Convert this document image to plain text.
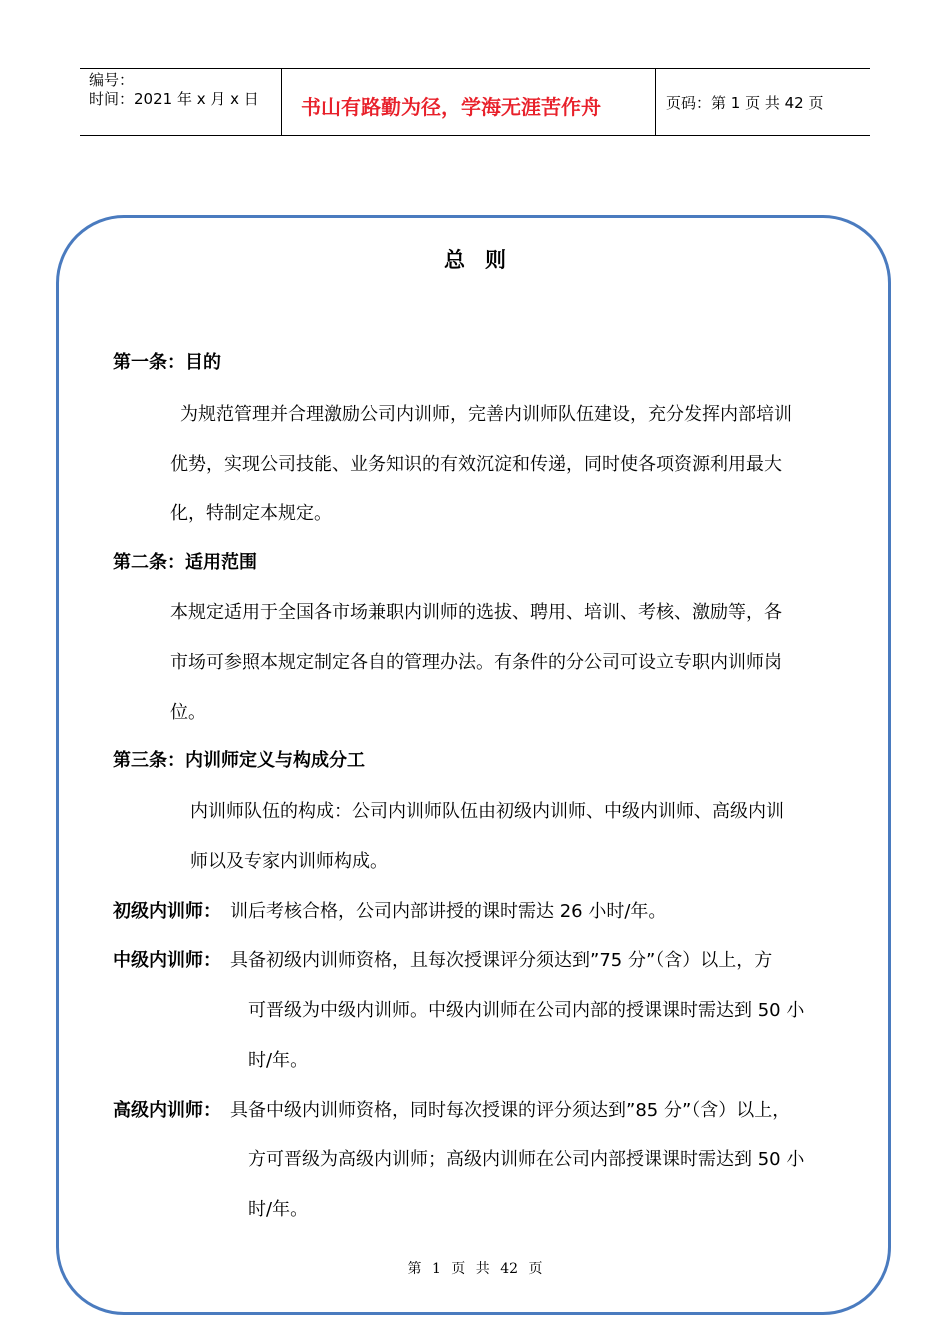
编号：
时间：2021 年 x 月 x 日	书山有路勤为径，学海无涯苦作舟	页码：第 1 页 共 42 页
总则
第一条：目的
为规范管理并合理激励公司内训师，完善内训师队伍建设，充分发挥内部培训
优势，实现公司技能、业务知识的有效沉淀和传递，同时使各项资源利用最大
化，特制定本规定。
第二条：适用范围
本规定适用于全国各市场兼职内训师的选拔、聘用、培训、考核、激励等，各
市场可参照本规定制定各自的管理办法。有条件的分公司可设立专职内训师岗
位。
第三条：内训师定义与构成分工
内训师队伍的构成：公司内训师队伍由初级内训师、中级内训师、高级内训
师以及专家内训师构成。
初级内训师： 训后考核合格，公司内部讲授的课时需达 26 小时/年。
中级内训师： 具备初级内训师资格，且每次授课评分须达到”75 分”（含）以上，方
可晋级为中级内训师。中级内训师在公司内部的授课课时需达到 50 小
时/年。
高级内训师： 具备中级内训师资格，同时每次授课的评分须达到”85 分”（含）以上，
方可晋级为高级内训师；高级内训师在公司内部授课课时需达到 50 小
时/年。
第 1 页 共 42 页
